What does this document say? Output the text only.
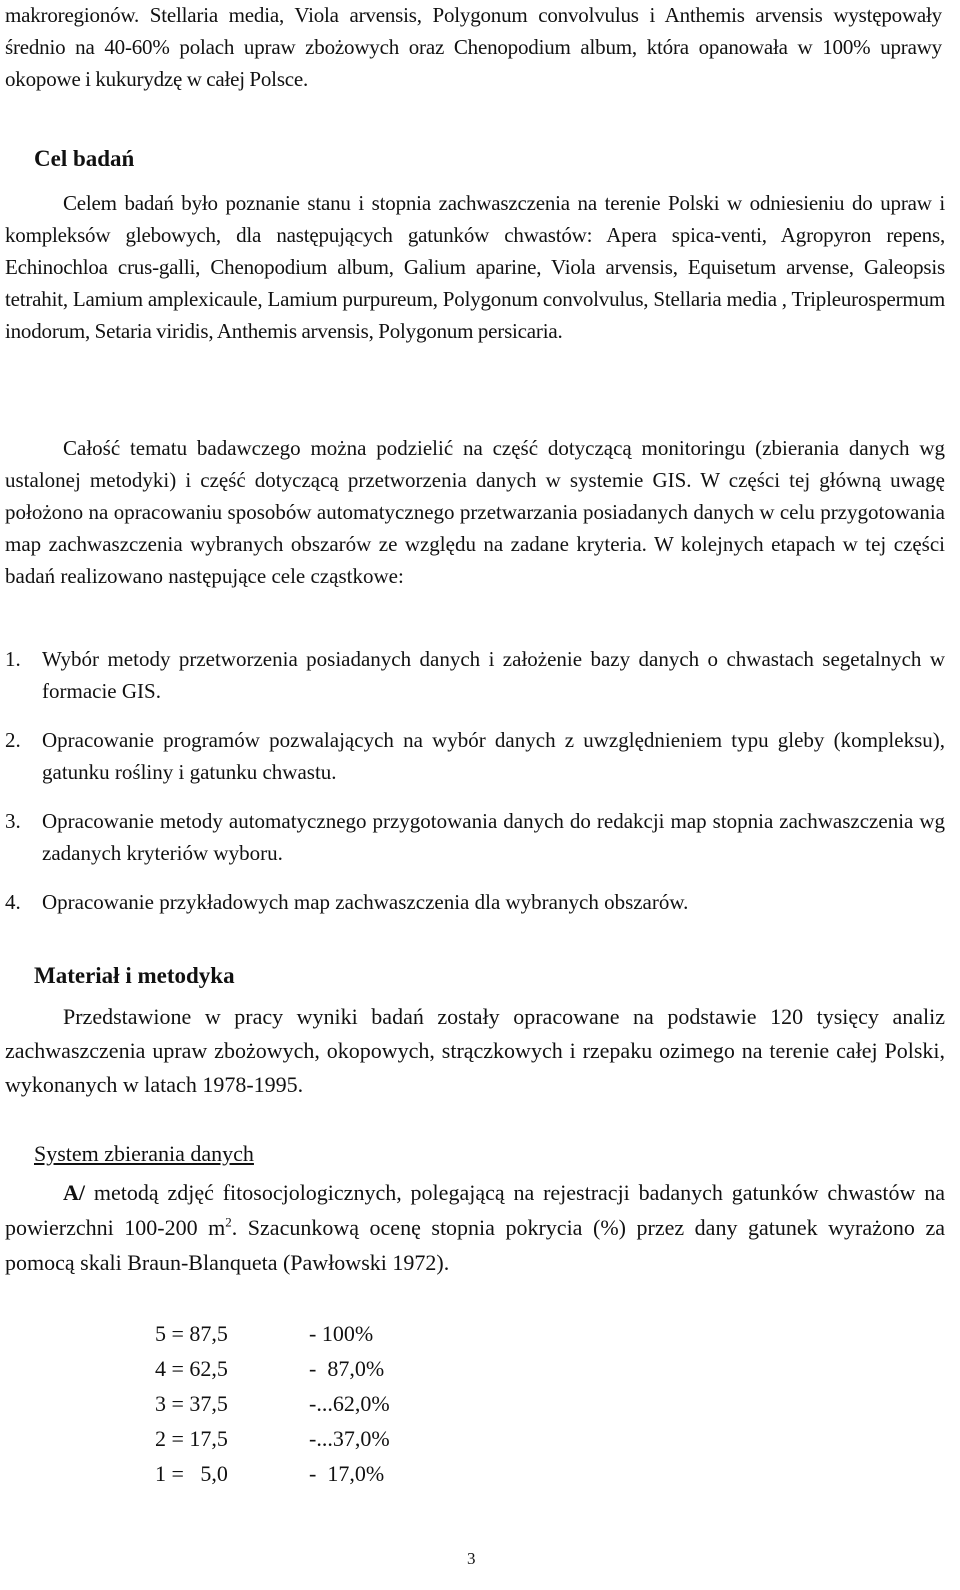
makroregionów. Stellaria media, Viola arvensis, Polygonum convolvulus i Anthemis arvensis występowały średnio na 40-60% polach upraw zbożowych oraz Chenopodium album, która opanowała w 100% uprawy okopowe i kukurydzę w całej Polsce.

Cel badań

Celem badań było poznanie stanu i stopnia zachwaszczenia na terenie Polski w odniesieniu do upraw i kompleksów glebowych, dla następujących gatunków chwastów: Apera spica-venti, Agropyron repens, Echinochloa crus-galli, Chenopodium album, Galium aparine, Viola arvensis, Equisetum arvense, Galeopsis tetrahit, Lamium amplexicaule, Lamium purpureum, Polygonum convolvulus, Stellaria media , Tripleurospermum inodorum, Setaria viridis, Anthemis arvensis, Polygonum persicaria.

Całość tematu badawczego można podzielić na część dotyczącą monitoringu (zbierania danych wg ustalonej metodyki) i część dotyczącą przetworzenia danych w systemie GIS. W części tej główną uwagę położono na opracowaniu sposobów automatycznego przetwarzania posiadanych danych w celu przygotowania map zachwaszczenia wybranych obszarów ze względu na zadane kryteria. W kolejnych etapach w tej części badań realizowano następujące cele cząstkowe:

1. Wybór metody przetworzenia posiadanych danych i założenie bazy danych o chwastach segetalnych w formacie GIS.
2. Opracowanie programów pozwalających na wybór danych z uwzględnieniem typu gleby (kompleksu), gatunku rośliny i gatunku chwastu.
3. Opracowanie metody automatycznego przygotowania danych do redakcji map stopnia zachwaszczenia wg zadanych kryteriów wyboru.
4. Opracowanie przykładowych map zachwaszczenia dla wybranych obszarów.
Materiał i metodyka

Przedstawione w pracy wyniki badań zostały opracowane na podstawie 120 tysięcy analiz zachwaszczenia upraw zbożowych, okopowych, strączkowych i rzepaku ozimego na terenie całej Polski, wykonanych w latach 1978-1995.

System zbierania danych

A/ metodą zdjęć fitosocjologicznych, polegającą na rejestracji badanych gatunków chwastów na powierzchni 100-200 $m^2$. Szacunkową ocenę stopnia pokrycia (%) przez dany gatunek wyrażono za pomocą skali Braun-Blanqueta (Pawłowski 1972).

5 = 87,5	- 100%
4 = 62,5	-  87,0%
3 = 37,5	-...62,0%
2 = 17,5	-...37,0%
1 =   5,0	-  17,0%
3
